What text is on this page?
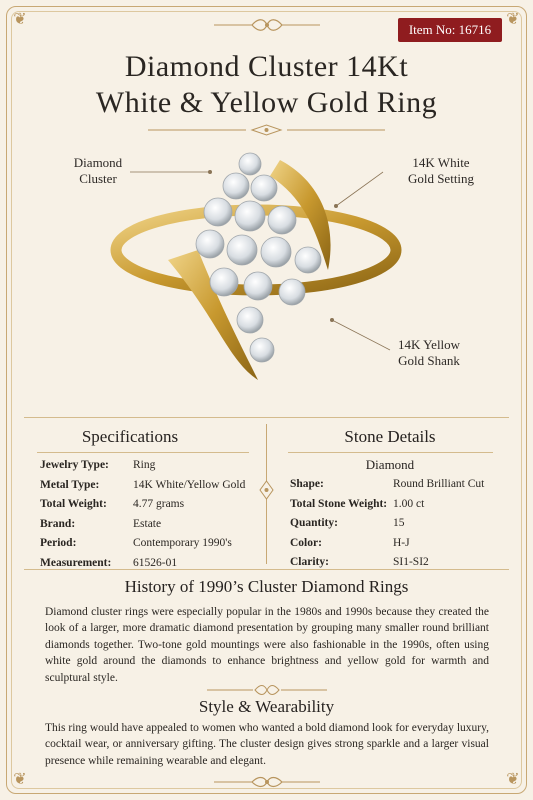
❦	❦
❦	❦
Item No: 16716
Diamond Cluster 14Kt
White & Yellow Gold Ring
Diamond
Cluster
14K White
Gold Setting
14K Yellow
Gold Shank
Specifications
Jewelry Type:	Ring
Metal Type:	14K White/Yellow Gold
Total Weight:	4.77 grams
Brand:	Estate
Period:	Contemporary 1990's
Measurement:	61526-01
Stone Details
Diamond
Shape:	Round Brilliant Cut
Total Stone Weight: 1.00 ct
Quantity:	15
Color:	H-J
Clarity:	SI1-SI2
History of 1990’s Cluster Diamond Rings
Diamond cluster rings were especially popular in the 1980s and 1990s because they created the look of a larger, more dramatic diamond presentation by grouping many smaller round brilliant diamonds together. Two-tone gold mountings were also fashionable in the 1990s, often using white gold around the diamonds to enhance brightness and yellow gold for warmth and sculptural style.
Style & Wearability
This ring would have appealed to women who wanted a bold diamond look for everyday luxury, cocktail wear, or anniversary gifting. The cluster design gives strong sparkle and a larger visual presence while remaining wearable and elegant.
